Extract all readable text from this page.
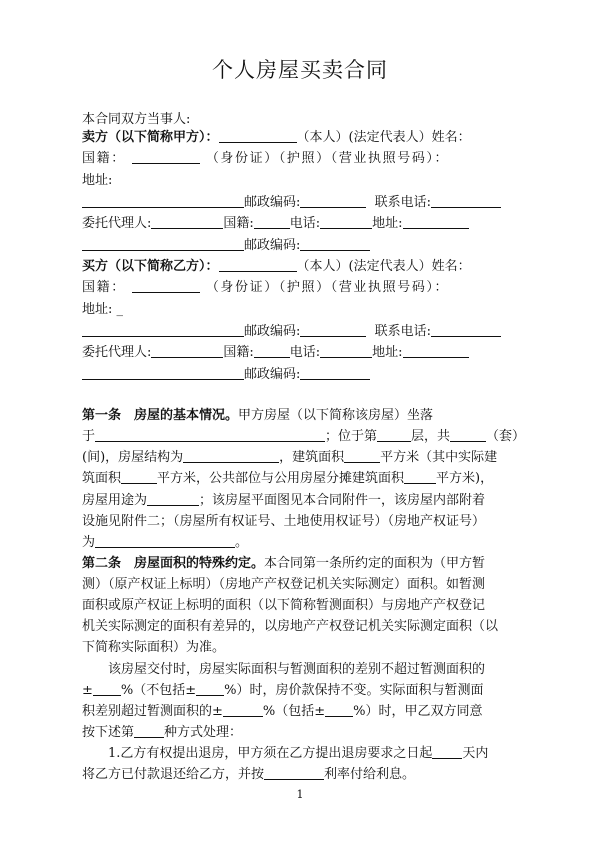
个人房屋买卖合同
本合同双方当事人:
卖方（以下简称甲方）：	（本人）(法定代表人）姓名：
国籍：	（身份证）（护照）（营业执照号码）：
地址:
邮政编码:	联系电话:
委托代理人:	国籍:	电话:	地址:
邮政编码:
买方（以下简称乙方）：	（本人）(法定代表人）姓名：
国籍：	（身份证）（护照）（营业执照号码）：
地址: _
邮政编码:	联系电话:
委托代理人:	国籍:	电话:	地址:
邮政编码:
第一条　房屋的基本情况。甲方房屋（以下简称该房屋）坐落
于	；位于第	层，共	（套）
(间)，房屋结构为	，建筑面积	平方米（其中实际建
筑面积	平方米，公共部位与公用房屋分摊建筑面积 平方米)，
房屋用途为	；该房屋平面图见本合同附件一，该房屋内部附着
设施见附件二；（房屋所有权证号、土地使用权证号）（房地产权证号）
为	。
第二条　房屋面积的特殊约定。本合同第一条所约定的面积为（甲方暂
测）（原产权证上标明）（房地产产权登记机关实际测定）面积。如暂测
面积或原产权证上标明的面积（以下简称暂测面积）与房地产产权登记
机关实际测定的面积有差异的，以房地产产权登记机关实际测定面积（以
下简称实际面积）为准。
该房屋交付时，房屋实际面积与暂测面积的差别不超过暂测面积的
± %（不包括± %）时，房价款保持不变。实际面积与暂测面
积差别超过暂测面积的±	%（包括± %）时，甲乙双方同意
按下述第 种方式处理：
1.乙方有权提出退房，甲方须在乙方提出退房要求之日起 天内
将乙方已付款退还给乙方，并按	利率付给利息。
1
